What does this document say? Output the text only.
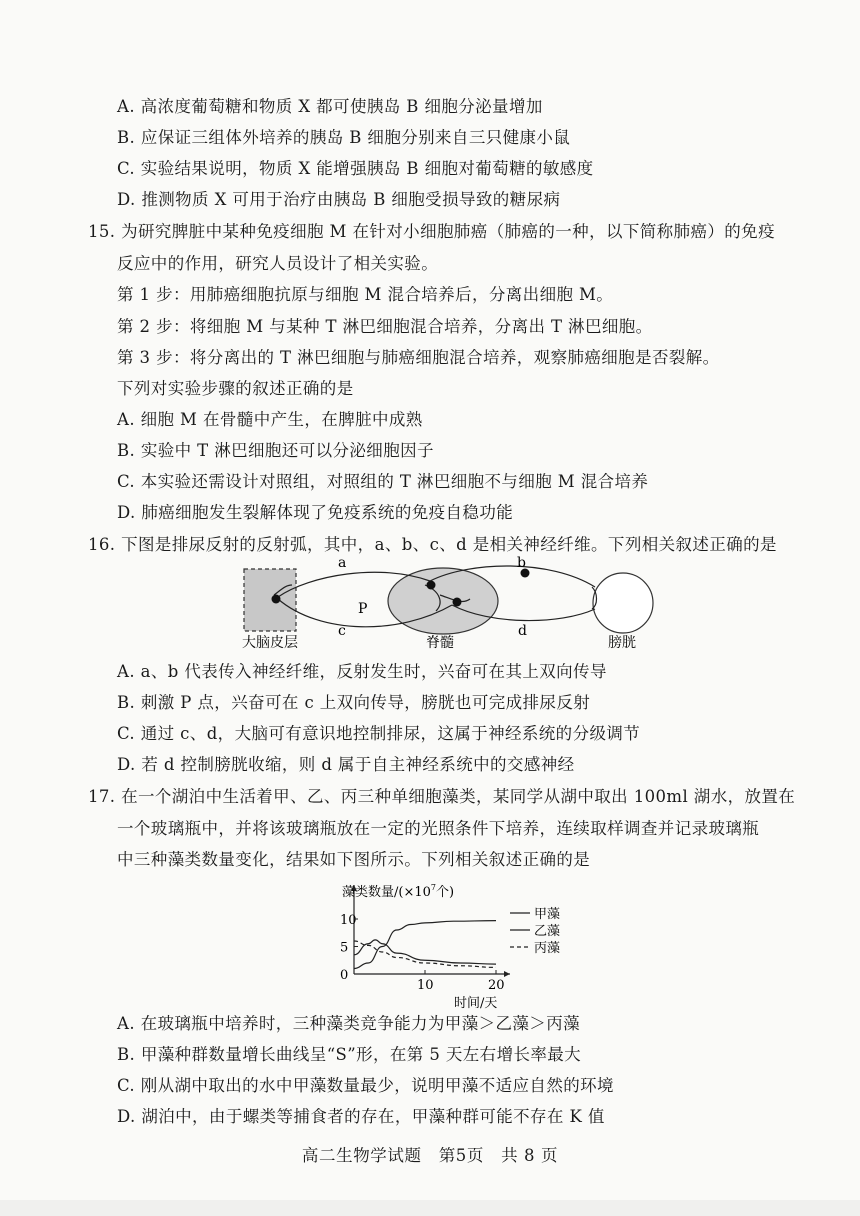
A. 高浓度葡萄糖和物质 X 都可使胰岛 B 细胞分泌量增加
B. 应保证三组体外培养的胰岛 B 细胞分别来自三只健康小鼠
C. 实验结果说明，物质 X 能增强胰岛 B 细胞对葡萄糖的敏感度
D. 推测物质 X 可用于治疗由胰岛 B 细胞受损导致的糖尿病
15. 为研究脾脏中某种免疫细胞 M 在针对小细胞肺癌（肺癌的一种，以下简称肺癌）的免疫
反应中的作用，研究人员设计了相关实验。
第 1 步：用肺癌细胞抗原与细胞 M 混合培养后，分离出细胞 M。
第 2 步：将细胞 M 与某种 T 淋巴细胞混合培养，分离出 T 淋巴细胞。
第 3 步：将分离出的 T 淋巴细胞与肺癌细胞混合培养，观察肺癌细胞是否裂解。
下列对实验步骤的叙述正确的是
A. 细胞 M 在骨髓中产生，在脾脏中成熟
B. 实验中 T 淋巴细胞还可以分泌细胞因子
C. 本实验还需设计对照组，对照组的 T 淋巴细胞不与细胞 M 混合培养
D. 肺癌细胞发生裂解体现了免疫系统的免疫自稳功能
16. 下图是排尿反射的反射弧，其中，a、b、c、d 是相关神经纤维。下列相关叙述正确的是
a	b
P
c	d
大脑皮层	脊髓	膀胱
A. a、b 代表传入神经纤维，反射发生时，兴奋可在其上双向传导
B. 刺激 P 点，兴奋可在 c 上双向传导，膀胱也可完成排尿反射
C. 通过 c、d，大脑可有意识地控制排尿，这属于神经系统的分级调节
D. 若 d 控制膀胱收缩，则 d 属于自主神经系统中的交感神经
17. 在一个湖泊中生活着甲、乙、丙三种单细胞藻类，某同学从湖中取出 100ml 湖水，放置在
一个玻璃瓶中，并将该玻璃瓶放在一定的光照条件下培养，连续取样调查并记录玻璃瓶
中三种藻类数量变化，结果如下图所示。下列相关叙述正确的是
0
5
10
10	20
甲藻
乙藻
丙藻
藻类数量$/(\times 10^7$个)
时间/天
A. 在玻璃瓶中培养时，三种藻类竞争能力为甲藻＞乙藻＞丙藻
B. 甲藻种群数量增长曲线呈“S”形，在第 5 天左右增长率最大
C. 刚从湖中取出的水中甲藻数量最少，说明甲藻不适应自然的环境
D. 湖泊中，由于螺类等捕食者的存在，甲藻种群可能不存在 K 值
高二生物学试题　第5页　共 8 页
